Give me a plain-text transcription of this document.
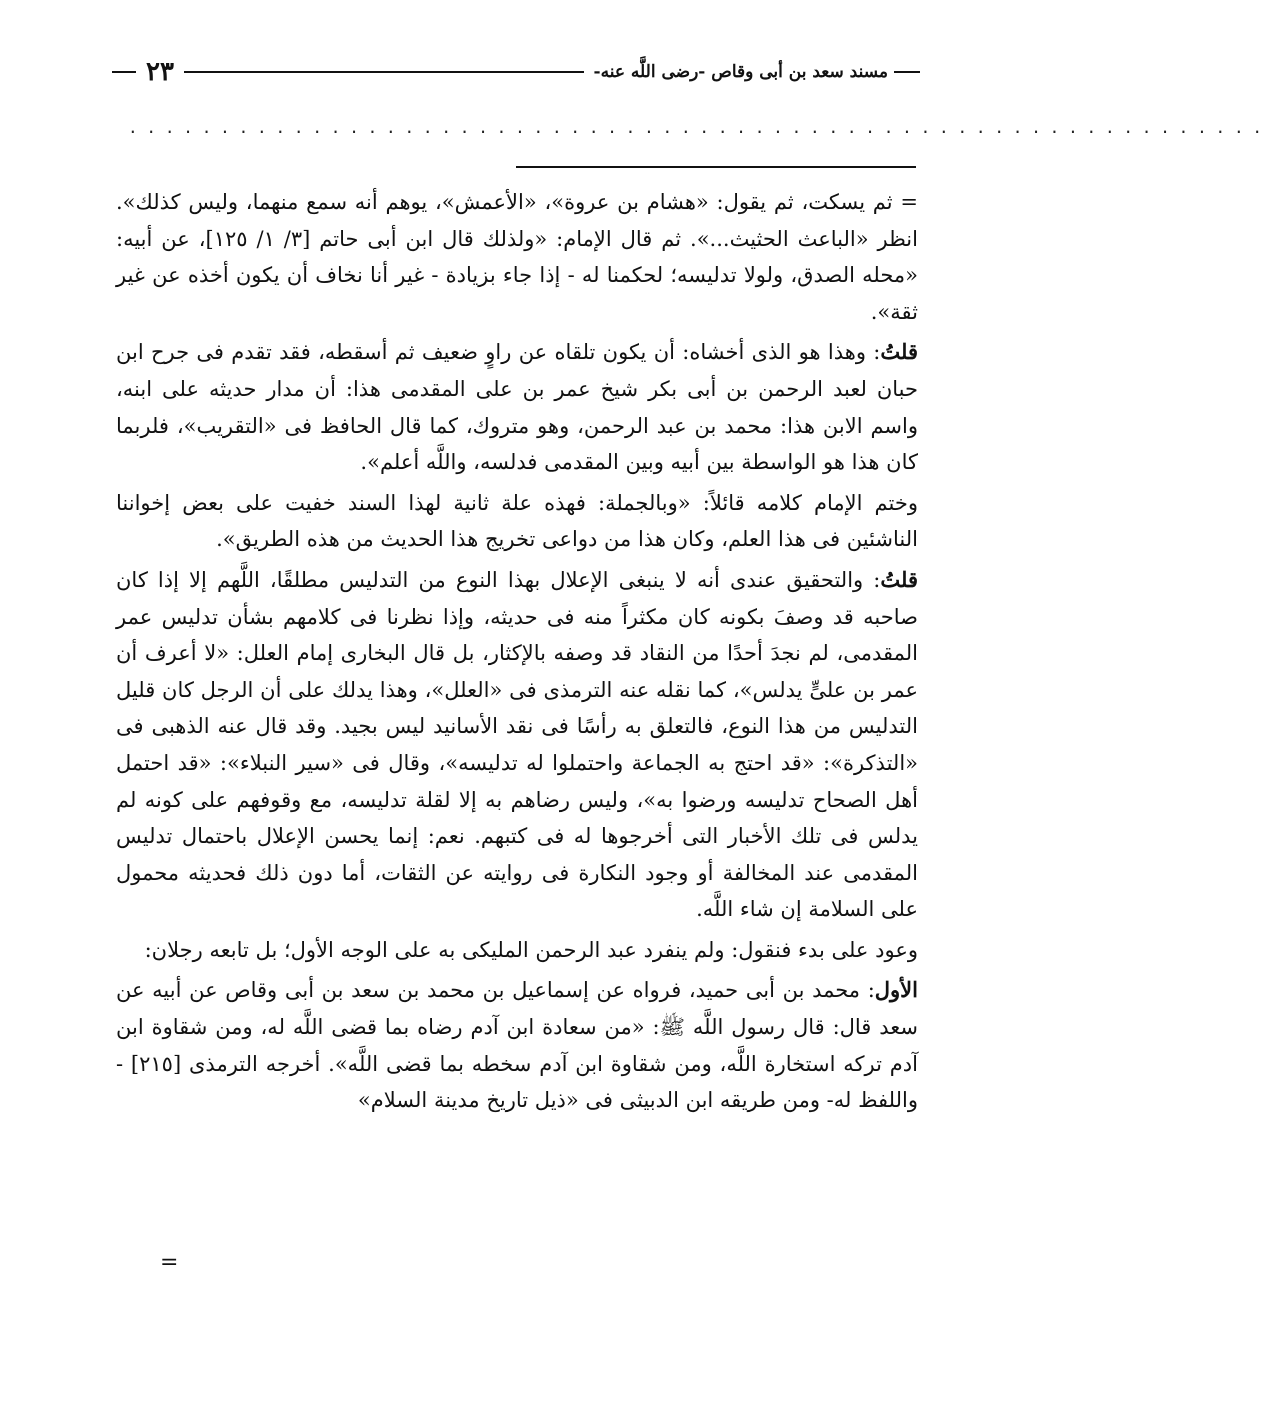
مسند سعد بن أبى وقاص -رضى اللَّه عنه-
٢٣
..............................................................

= ثم يسكت، ثم يقول: «هشام بن عروة»، «الأعمش»، يوهم أنه سمع منهما، وليس كذلك». انظر «الباعث الحثيث...». ثم قال الإمام: «ولذلك قال ابن أبى حاتم [٣/ ١/ ١٢٥]، عن أبيه: «محله الصدق، ولولا تدليسه؛ لحكمنا له - إذا جاء بزيادة - غير أنا نخاف أن يكون أخذه عن غير ثقة».

قلتُ: وهذا هو الذى أخشاه: أن يكون تلقاه عن راوٍ ضعيف ثم أسقطه، فقد تقدم فى جرح ابن حبان لعبد الرحمن بن أبى بكر شيخ عمر بن على المقدمى هذا: أن مدار حديثه على ابنه، واسم الابن هذا: محمد بن عبد الرحمن، وهو متروك، كما قال الحافظ فى «التقريب»، فلربما كان هذا هو الواسطة بين أبيه وبين المقدمى فدلسه، واللَّه أعلم».

وختم الإمام كلامه قائلاً: «وبالجملة: فهذه علة ثانية لهذا السند خفيت على بعض إخواننا الناشئين فى هذا العلم، وكان هذا من دواعى تخريج هذا الحديث من هذه الطريق».

قلتُ: والتحقيق عندى أنه لا ينبغى الإعلال بهذا النوع من التدليس مطلقًا، اللَّهم إلا إذا كان صاحبه قد وصفَ بكونه كان مكثراً منه فى حديثه، وإذا نظرنا فى كلامهم بشأن تدليس عمر المقدمى، لم نجدَ أحدًا من النقاد قد وصفه بالإكثار، بل قال البخارى إمام العلل: «لا أعرف أن عمر بن علىٍّ يدلس»، كما نقله عنه الترمذى فى «العلل»، وهذا يدلك على أن الرجل كان قليل التدليس من هذا النوع، فالتعلق به رأسًا فى نقد الأسانيد ليس بجيد. وقد قال عنه الذهبى فى «التذكرة»: «قد احتج به الجماعة واحتملوا له تدليسه»، وقال فى «سير النبلاء»: «قد احتمل أهل الصحاح تدليسه ورضوا به»، وليس رضاهم به إلا لقلة تدليسه، مع وقوفهم على كونه لم يدلس فى تلك الأخبار التى أخرجوها له فى كتبهم. نعم: إنما يحسن الإعلال باحتمال تدليس المقدمى عند المخالفة أو وجود النكارة فى روايته عن الثقات، أما دون ذلك فحديثه محمول على السلامة إن شاء اللَّه.

وعود على بدء فنقول: ولم ينفرد عبد الرحمن المليكى به على الوجه الأول؛ بل تابعه رجلان:

الأول: محمد بن أبى حميد، فرواه عن إسماعيل بن محمد بن سعد بن أبى وقاص عن أبيه عن سعد قال: قال رسول اللَّه ﷺ: «من سعادة ابن آدم رضاه بما قضى اللَّه له، ومن شقاوة ابن آدم تركه استخارة اللَّه، ومن شقاوة ابن آدم سخطه بما قضى اللَّه». أخرجه الترمذى [٢١٥] - واللفظ له- ومن طريقه ابن الدبيثى فى «ذيل تاريخ مدينة السلام»

=
